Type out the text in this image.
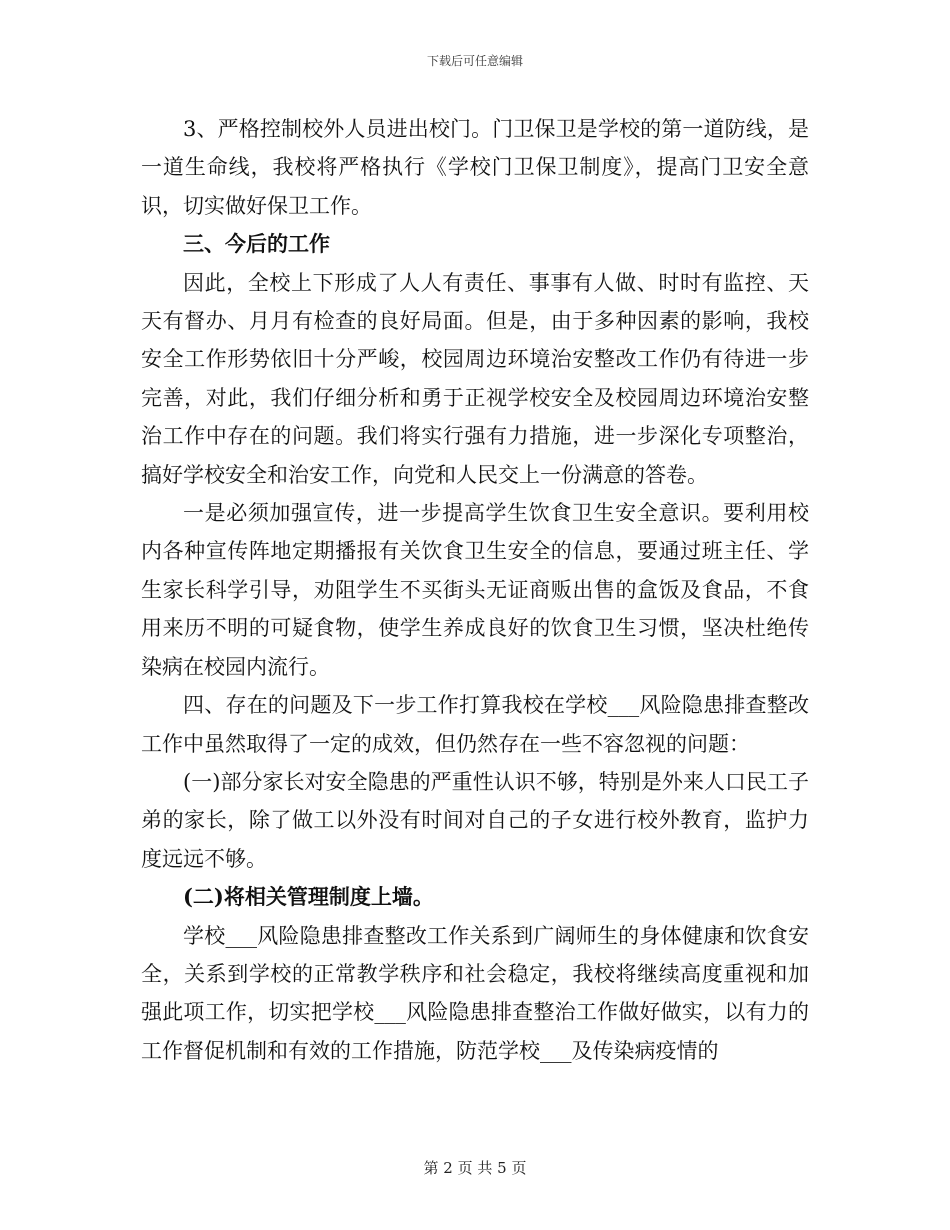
下载后可任意编辑

3、严格控制校外人员进出校门。门卫保卫是学校的第一道防线，是一道生命线，我校将严格执行《学校门卫保卫制度》，提高门卫安全意识，切实做好保卫工作。

三、今后的工作

因此，全校上下形成了人人有责任、事事有人做、时时有监控、天天有督办、月月有检查的良好局面。但是，由于多种因素的影响，我校安全工作形势依旧十分严峻，校园周边环境治安整改工作仍有待进一步完善，对此，我们仔细分析和勇于正视学校安全及校园周边环境治安整治工作中存在的问题。我们将实行强有力措施，进一步深化专项整治，搞好学校安全和治安工作，向党和人民交上一份满意的答卷。

一是必须加强宣传，进一步提高学生饮食卫生安全意识。要利用校内各种宣传阵地定期播报有关饮食卫生安全的信息，要通过班主任、学生家长科学引导，劝阻学生不买街头无证商贩出售的盒饭及食品，不食用来历不明的可疑食物，使学生养成良好的饮食卫生习惯，坚决杜绝传染病在校园内流行。

四、存在的问题及下一步工作打算我校在学校___风险隐患排查整改工作中虽然取得了一定的成效，但仍然存在一些不容忽视的问题：

(一)部分家长对安全隐患的严重性认识不够，特别是外来人口民工子弟的家长，除了做工以外没有时间对自己的子女进行校外教育，监护力度远远不够。

(二)将相关管理制度上墙。

学校___风险隐患排查整改工作关系到广阔师生的身体健康和饮食安全，关系到学校的正常教学秩序和社会稳定，我校将继续高度重视和加强此项工作，切实把学校___风险隐患排查整治工作做好做实，以有力的工作督促机制和有效的工作措施，防范学校___及传染病疫情的

第 2 页 共 5 页
